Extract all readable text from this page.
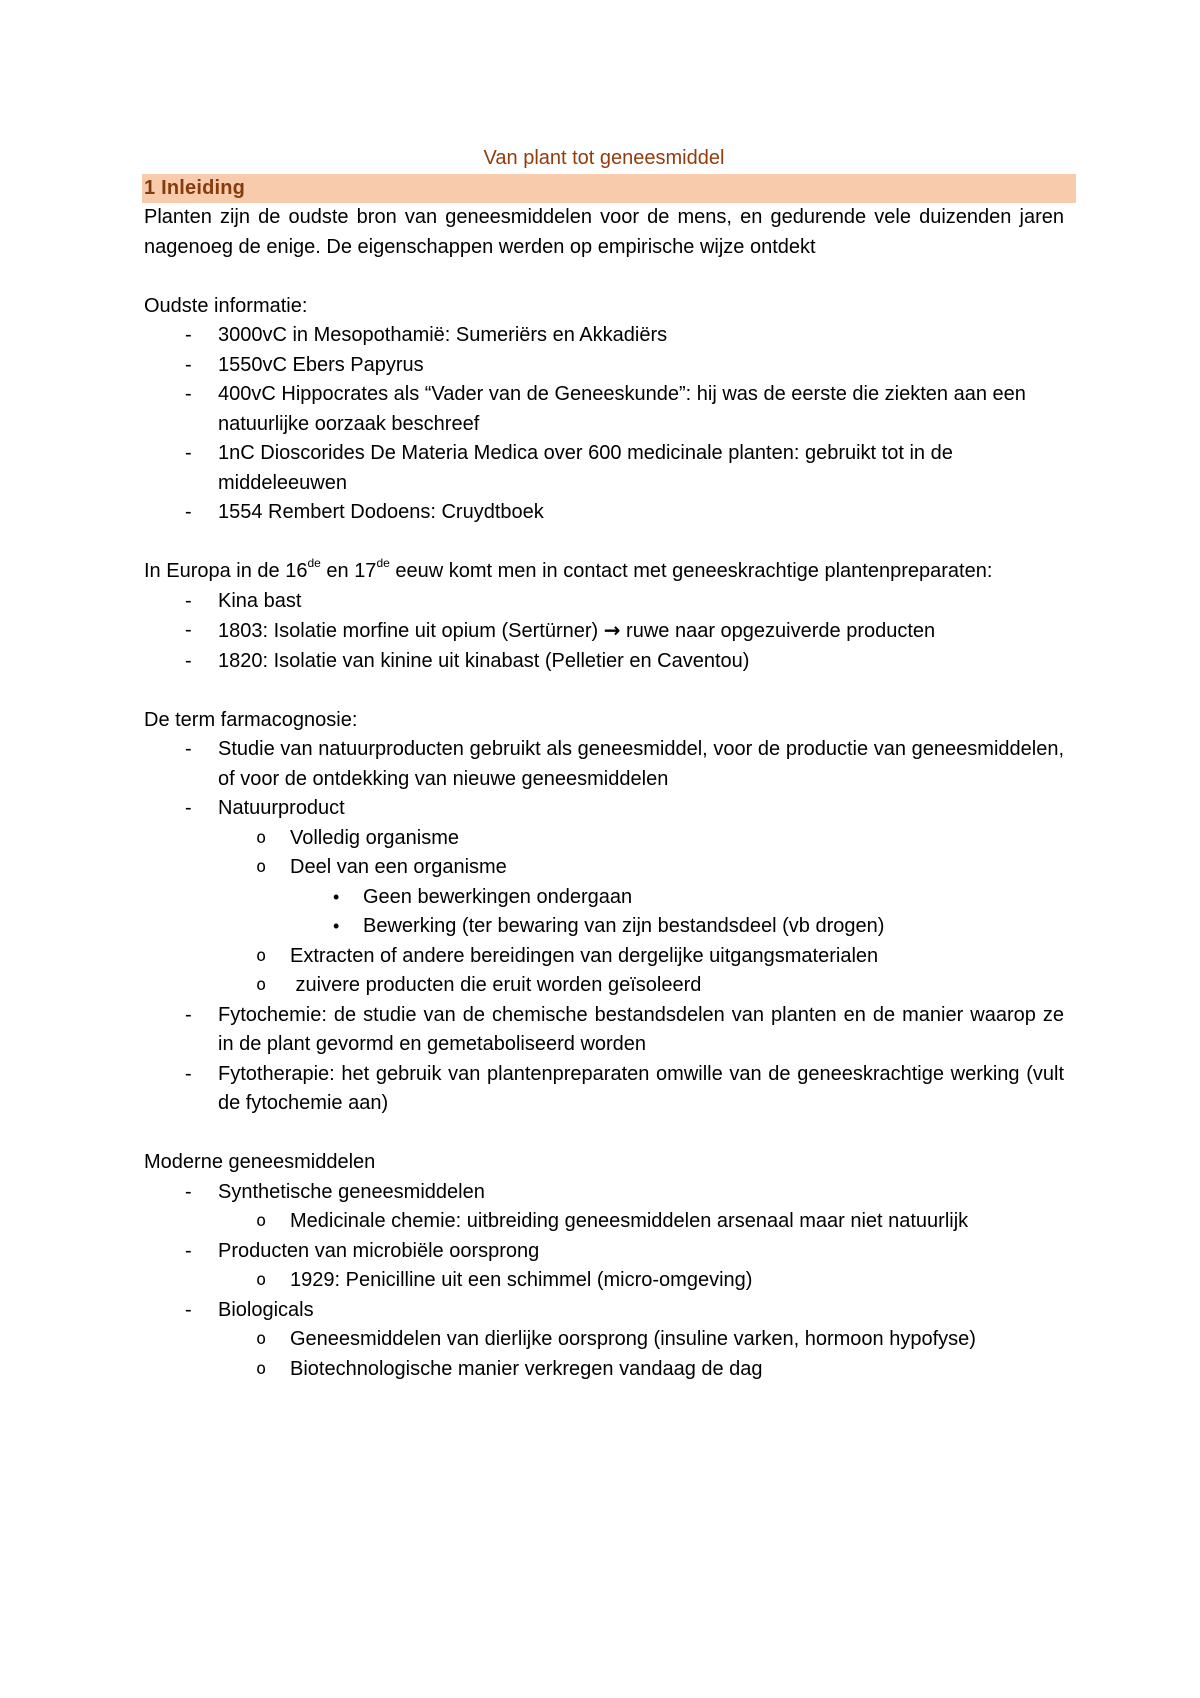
Van plant tot geneesmiddel
1 Inleiding

Planten zijn de oudste bron van geneesmiddelen voor de mens, en gedurende vele duizenden jaren nagenoeg de enige. De eigenschappen werden op empirische wijze ontdekt

Oudste informatie:

- 3000vC in Mesopothamië: Sumeriërs en Akkadiërs
- 1550vC Ebers Papyrus
- 400vC Hippocrates als “Vader van de Geneeskunde”: hij was de eerste die ziekten aan een natuurlijke oorzaak beschreef
- 1nC Dioscorides De Materia Medica over 600 medicinale planten: gebruikt tot in de middeleeuwen
- 1554 Rembert Dodoens: Cruydtboek

In Europa in de 16de en 17de eeuw komt men in contact met geneeskrachtige plantenpreparaten:

- Kina bast
- 1803: Isolatie morfine uit opium (Sertürner) → ruwe naar opgezuiverde producten
- 1820: Isolatie van kinine uit kinabast (Pelletier en Caventou)

De term farmacognosie:

- Studie van natuurproducten gebruikt als geneesmiddel, voor de productie van geneesmiddelen, of voor de ontdekking van nieuwe geneesmiddelen
- Natuurproduct
o Volledig organisme
o Deel van een organisme
• Geen bewerkingen ondergaan
• Bewerking (ter bewaring van zijn bestandsdeel (vb drogen)
o Extracten of andere bereidingen van dergelijke uitgangsmaterialen
o zuivere producten die eruit worden geïsoleerd
- Fytochemie: de studie van de chemische bestandsdelen van planten en de manier waarop ze in de plant gevormd en gemetaboliseerd worden
- Fytotherapie: het gebruik van plantenpreparaten omwille van de geneeskrachtige werking (vult de fytochemie aan)

Moderne geneesmiddelen

- Synthetische geneesmiddelen
o Medicinale chemie: uitbreiding geneesmiddelen arsenaal maar niet natuurlijk
- Producten van microbiële oorsprong
o 1929: Penicilline uit een schimmel (micro-omgeving)
- Biologicals
o Geneesmiddelen van dierlijke oorsprong (insuline varken, hormoon hypofyse)
o Biotechnologische manier verkregen vandaag de dag
